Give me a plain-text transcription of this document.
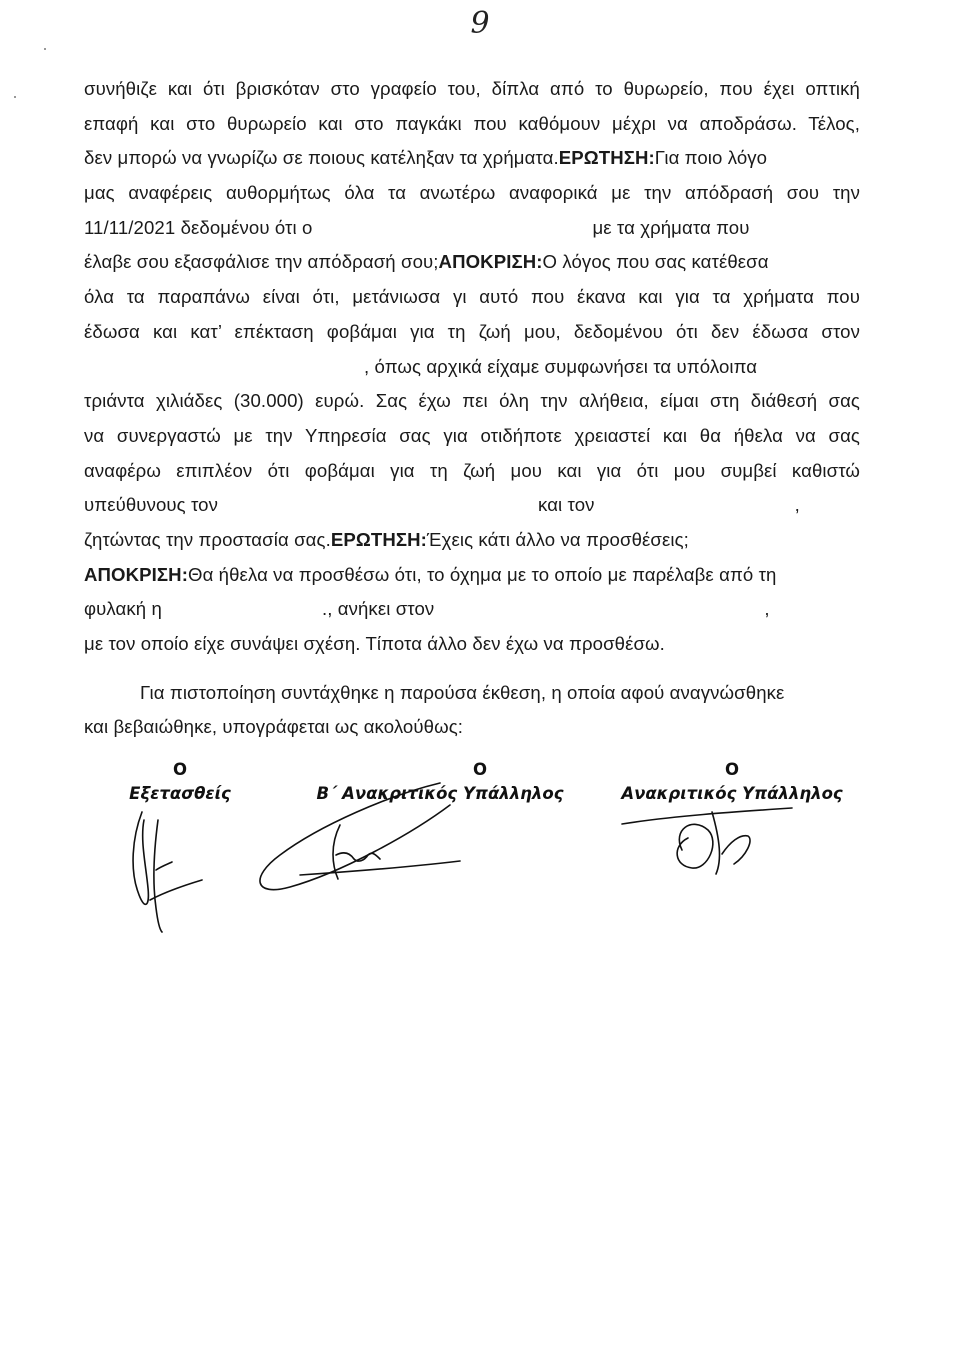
9
συνήθιζε και ότι βρισκόταν στο γραφείο του, δίπλα από το θυρωρείο, που έχει οπτική
επαφή και στο θυρωρείο και στο παγκάκι που καθόμουν μέχρι να αποδράσω. Τέλος,
δεν μπορώ να γνωρίζω σε ποιους κατέληξαν τα χρήματα. ΕΡΩΤΗΣΗ: Για ποιο λόγο
μας αναφέρεις αυθορμήτως όλα τα ανωτέρω αναφορικά με την απόδρασή σου την
11/11/2021 δεδομένου ότι ο	με τα χρήματα που
έλαβε σου εξασφάλισε την απόδρασή σου; ΑΠΟΚΡΙΣΗ: Ο λόγος που σας κατέθεσα
όλα τα παραπάνω είναι ότι, μετάνιωσα γι αυτό που έκανα και για τα χρήματα που
έδωσα και κατ’ επέκταση φοβάμαι για τη ζωή μου, δεδομένου ότι δεν έδωσα στον
, όπως αρχικά είχαμε συμφωνήσει τα υπόλοιπα
τριάντα χιλιάδες (30.000) ευρώ. Σας έχω πει όλη την αλήθεια, είμαι στη διάθεσή σας
να συνεργαστώ με την Υπηρεσία σας για οτιδήποτε χρειαστεί και θα ήθελα να σας
αναφέρω επιπλέον ότι φοβάμαι για τη ζωή μου και για ότι μου συμβεί καθιστώ
υπεύθυνους τον	και τον	,
ζητώντας την προστασία σας. ΕΡΩΤΗΣΗ: Έχεις κάτι άλλο να προσθέσεις;
ΑΠΟΚΡΙΣΗ: Θα ήθελα να προσθέσω ότι, το όχημα με το οποίο με παρέλαβε από τη
φυλακή η	., ανήκει στον	,
με τον οποίο είχε συνάψει σχέση. Τίποτα άλλο δεν έχω να προσθέσω.
Για πιστοποίηση συντάχθηκε η παρούσα έκθεση, η οποία αφού αναγνώσθηκε
και βεβαιώθηκε, υπογράφεται ως ακολούθως:
Ο
Εξετασθείς
Ο
Β΄ Ανακριτικός Υπάλληλος
Ο
Ανακριτικός Υπάλληλος
